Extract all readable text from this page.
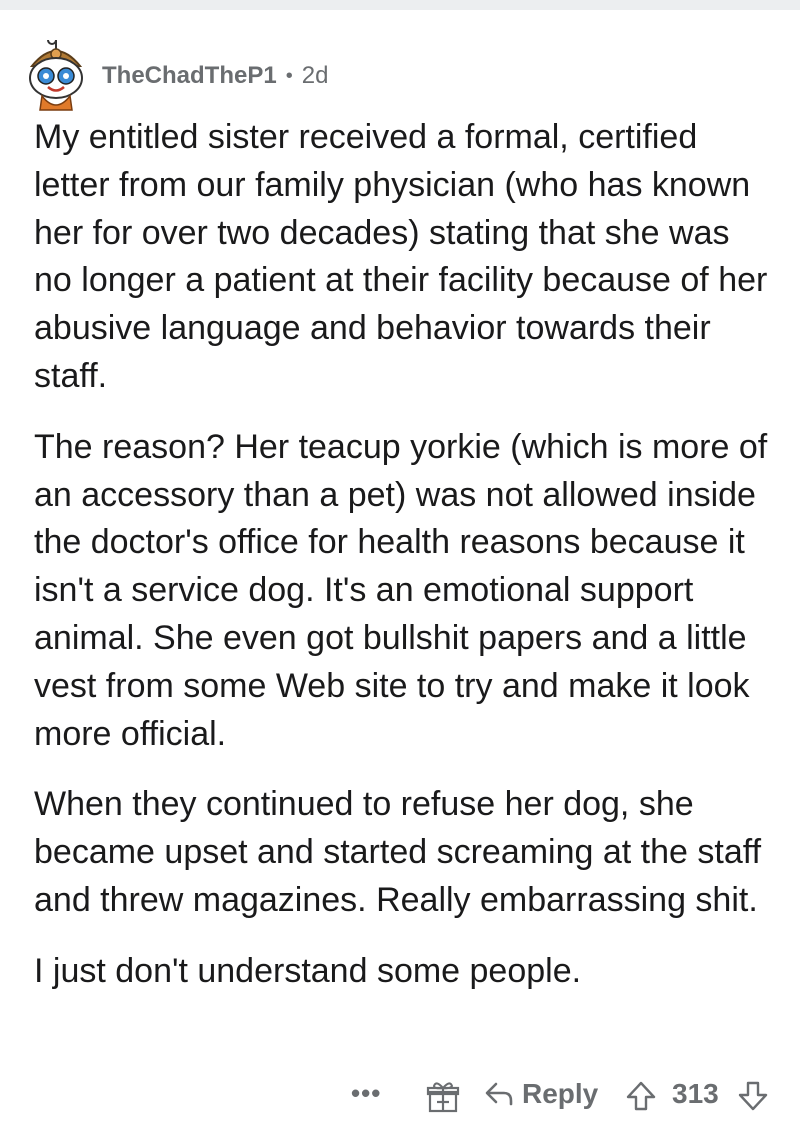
TheChadTheP1 • 2d

My entitled sister received a formal, certified letter from our family physician (who has known her for over two decades) stating that she was no longer a patient at their facility because of her abusive language and behavior towards their staff.

The reason? Her teacup yorkie (which is more of an accessory than a pet) was not allowed inside the doctor's office for health reasons because it isn't a service dog. It's an emotional support animal. She even got bullshit papers and a little vest from some Web site to try and make it look more official.

When they continued to refuse her dog, she became upset and started screaming at the staff and threw magazines. Really embarrassing shit.

I just don't understand some people.

•••	Reply	313
